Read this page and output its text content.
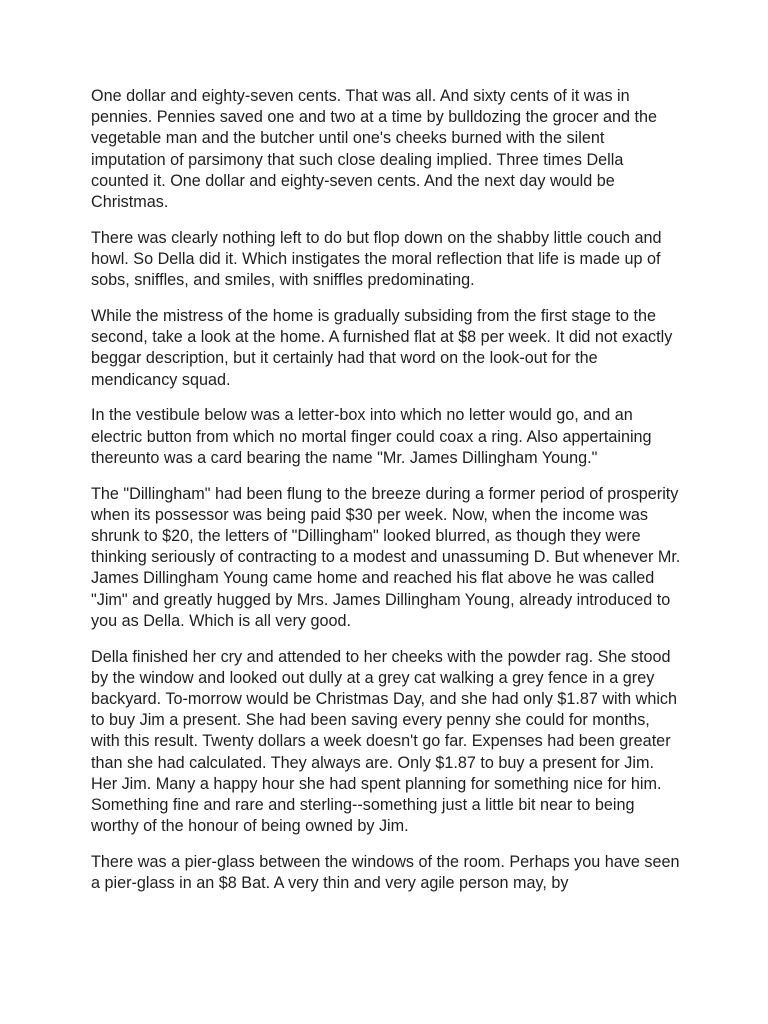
One dollar and eighty-seven cents. That was all. And sixty cents of it was in pennies. Pennies saved one and two at a time by bulldozing the grocer and the vegetable man and the butcher until one's cheeks burned with the silent imputation of parsimony that such close dealing implied. Three times Della counted it. One dollar and eighty-seven cents. And the next day would be Christmas.

There was clearly nothing left to do but flop down on the shabby little couch and howl. So Della did it. Which instigates the moral reflection that life is made up of sobs, sniffles, and smiles, with sniffles predominating.

While the mistress of the home is gradually subsiding from the first stage to the second, take a look at the home. A furnished flat at $8 per week. It did not exactly beggar description, but it certainly had that word on the look-out for the mendicancy squad.

In the vestibule below was a letter-box into which no letter would go, and an electric button from which no mortal finger could coax a ring. Also appertaining thereunto was a card bearing the name "Mr. James Dillingham Young."

The "Dillingham" had been flung to the breeze during a former period of prosperity when its possessor was being paid $30 per week. Now, when the income was shrunk to $20, the letters of "Dillingham" looked blurred, as though they were thinking seriously of contracting to a modest and unassuming D. But whenever Mr. James Dillingham Young came home and reached his flat above he was called "Jim" and greatly hugged by Mrs. James Dillingham Young, already introduced to you as Della. Which is all very good.

Della finished her cry and attended to her cheeks with the powder rag. She stood by the window and looked out dully at a grey cat walking a grey fence in a grey backyard. To-morrow would be Christmas Day, and she had only $1.87 with which to buy Jim a present. She had been saving every penny she could for months, with this result. Twenty dollars a week doesn't go far. Expenses had been greater than she had calculated. They always are. Only $1.87 to buy a present for Jim. Her Jim. Many a happy hour she had spent planning for something nice for him. Something fine and rare and sterling--something just a little bit near to being worthy of the honour of being owned by Jim.

There was a pier-glass between the windows of the room. Perhaps you have seen a pier-glass in an $8 Bat. A very thin and very agile person may, by
